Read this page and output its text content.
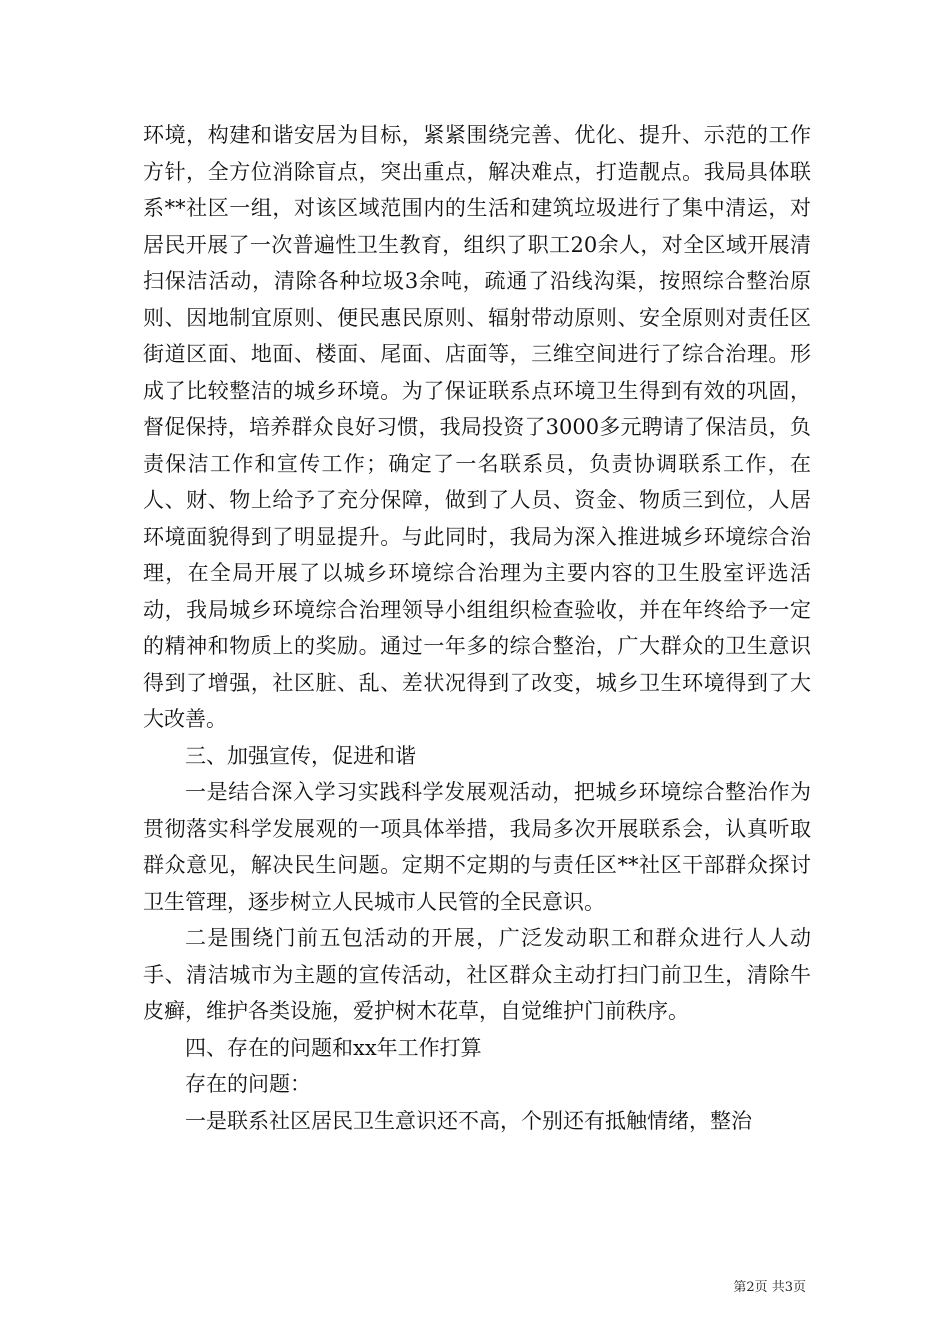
环境，构建和谐安居为目标，紧紧围绕完善、优化、提升、示范的工作方针，全方位消除盲点，突出重点，解决难点，打造靓点。我局具体联系**社区一组，对该区域范围内的生活和建筑垃圾进行了集中清运，对居民开展了一次普遍性卫生教育，组织了职工20余人，对全区域开展清扫保洁活动，清除各种垃圾3余吨，疏通了沿线沟渠，按照综合整治原则、因地制宜原则、便民惠民原则、辐射带动原则、安全原则对责任区街道区面、地面、楼面、尾面、店面等，三维空间进行了综合治理。形成了比较整洁的城乡环境。为了保证联系点环境卫生得到有效的巩固，督促保持，培养群众良好习惯，我局投资了3000多元聘请了保洁员，负责保洁工作和宣传工作；确定了一名联系员，负责协调联系工作，在人、财、物上给予了充分保障，做到了人员、资金、物质三到位，人居环境面貌得到了明显提升。与此同时，我局为深入推进城乡环境综合治理，在全局开展了以城乡环境综合治理为主要内容的卫生股室评选活动，我局城乡环境综合治理领导小组组织检查验收，并在年终给予一定的精神和物质上的奖励。通过一年多的综合整治，广大群众的卫生意识得到了增强，社区脏、乱、差状况得到了改变，城乡卫生环境得到了大大改善。

三、加强宣传，促进和谐

一是结合深入学习实践科学发展观活动，把城乡环境综合整治作为贯彻落实科学发展观的一项具体举措，我局多次开展联系会，认真听取群众意见，解决民生问题。定期不定期的与责任区**社区干部群众探讨卫生管理，逐步树立人民城市人民管的全民意识。

二是围绕门前五包活动的开展，广泛发动职工和群众进行人人动手、清洁城市为主题的宣传活动，社区群众主动打扫门前卫生，清除牛皮癣，维护各类设施，爱护树木花草，自觉维护门前秩序。

四、存在的问题和xx年工作打算

存在的问题：

一是联系社区居民卫生意识还不高，个别还有抵触情绪，整治

第2页 共3页
